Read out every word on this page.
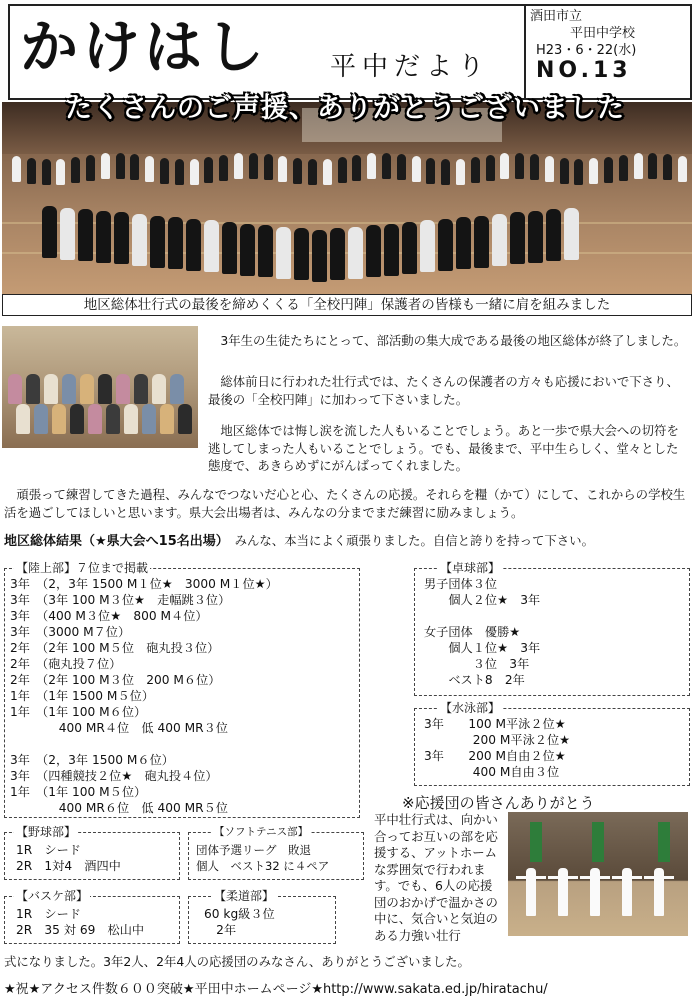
かけはし 平中だより
酒田市立
平田中学校
H23・6・22(水)
NO.13
たくさんのご声援、ありがとうございました
地区総体壮行式の最後を締めくくる「全校円陣」保護者の皆様も一緒に肩を組みました
　3年生の生徒たちにとって、部活動の集大成である最後の地区総体が終了しました。
　総体前日に行われた壮行式では、たくさんの保護者の方々も応援においで下さり、最後の「全校円陣」に加わって下さいました。
　地区総体では悔し涙を流した人もいることでしょう。あと一歩で県大会への切符を逃してしまった人もいることでしょう。でも、最後まで、平中生らしく、堂々とした態度で、あきらめずにがんばってくれました。
　頑張って練習してきた過程、みんなでつないだ心と心、たくさんの応援。それらを糧（かて）にして、これからの学校生活を過ごしてほしいと思います。県大会出場者は、みんなの分までまだ練習に励みましょう。
地区総体結果（★県大会へ15名出場）　みんな、本当によく頑張りました。自信と誇りを持って下さい。
【陸上部】７位まで掲載
3年　（2，3年 1500 M１位★　3000 M１位★）
3年　（3年 100 M３位★　走幅跳３位）
3年　（400 M３位★　800 M４位）
3年　（3000 M７位）
2年　（2年 100 M５位　砲丸投３位）
2年　（砲丸投７位）
2年　（2年 100 M３位　200 M６位）
1年　（1年 1500 M５位）
1年　（1年 100 M６位）
　　　　400 MR４位　低 400 MR３位

3年　（2，3年 1500 M６位）
3年　（四種競技２位★　砲丸投４位）
1年　（1年 100 M５位）
　　　　400 MR６位　低 400 MR５位
【卓球部】
男子団体３位
　　個人２位★　3年

女子団体　優勝★
　　個人１位★　3年
　　　　３位　3年
　　ベスト8　2年
【水泳部】
3年　　100 M平泳２位★
　　　　200 M平泳２位★
3年　　200 M自由２位★
　　　　400 M自由３位
【野球部】
1R　シード
2R　1対4　酒四中
【ソフトテニス部】
団体予選リーグ　敗退
個人　ベスト32 に４ペア
【バスケ部】
1R　シード
2R　35 対 69　松山中
【柔道部】
60 kg級３位
　2年
※応援団の皆さんありがとう
平中壮行式は、向かい合ってお互いの部を応援する、アットホームな雰囲気で行われます。でも、6人の応援団のおかげで温かさの中に、気合いと気迫のある力強い壮行
式になりました。3年2人、2年4人の応援団のみなさん、ありがとうございました。
★祝★アクセス件数６００突破★平田中ホームページ★http://www.sakata.ed.jp/hiratachu/
